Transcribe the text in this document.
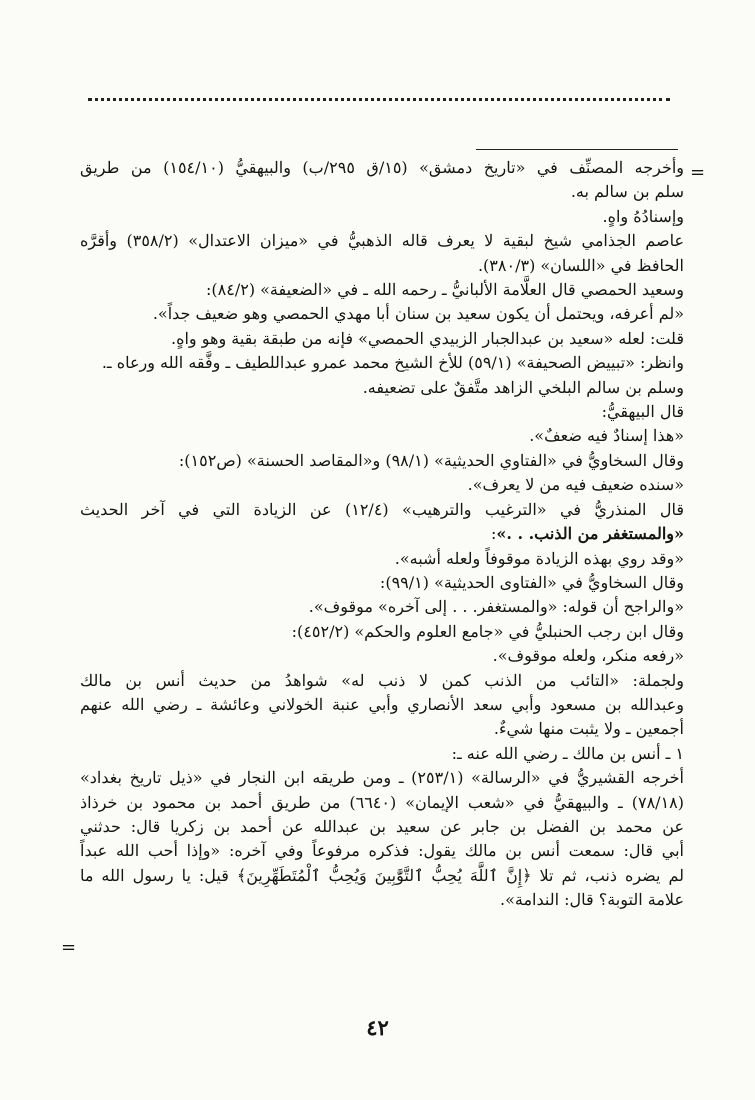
=
=

وأخرجه المصنِّف في «تاريخ دمشق» (١٥/ق ٢٩٥/ب) والبيهقيُّ (١٥٤/١٠) من طريق

سلم بن سالم به.

وإسنادُهُ واهٍ.

عاصم الجذامي شيخ لبقية لا يعرف قاله الذهبيُّ في «ميزان الاعتدال» (٣٥٨/٢) وأقرَّه

الحافظ في «اللسان» (٣٨٠/٣).

وسعيد الحمصي قال العلَّامة الألبانيُّ ـ رحمه الله ـ في «الضعيفة» (٨٤/٢):

«لم أعرفه، ويحتمل أن يكون سعيد بن سنان أبا مهدي الحمصي وهو ضعيف جداً».

قلت: لعله «سعيد بن عبدالجبار الزبيدي الحمصي» فإنه من طبقة بقية وهو واهٍ.

وانظر: «تبييض الصحيفة» (٥٩/١) للأخ الشيخ محمد عمرو عبداللطيف ـ وفَّقه الله ورعاه ـ.

وسلم بن سالم البلخي الزاهد متَّفقٌ على تضعيفه.

قال البيهقيُّ:

«هذا إسنادٌ فيه ضعفٌ».

وقال السخاويُّ في «الفتاوي الحديثية» (٩٨/١) و«المقاصد الحسنة» (ص١٥٢):

«سنده ضعيف فيه من لا يعرف».

قال المنذريُّ في «الترغيب والترهيب» (١٢/٤) عن الزيادة التي في آخر الحديث

«والمستغفر من الذنب. . .»:

«وقد روي بهذه الزيادة موقوفاً ولعله أشبه».

وقال السخاويُّ في «الفتاوى الحديثية» (٩٩/١):

«والراجح أن قوله: «والمستغفر. . . إلى آخره» موقوف».

وقال ابن رجب الحنبليُّ في «جامع العلوم والحكم» (٤٥٢/٢):

«رفعه منكر، ولعله موقوف».

ولجملة: «التائب من الذنب كمن لا ذنب له» شواهدُ من حديث أنس بن مالك

وعبدالله بن مسعود وأبي سعد الأنصاري وأبي عنبة الخولاني وعائشة ـ رضي الله عنهم

أجمعين ـ ولا يثبت منها شيءٌ.

١ ـ أنس بن مالك ـ رضي الله عنه ـ:

أخرجه القشيريُّ في «الرسالة» (٢٥٣/١) ـ ومن طريقه ابن النجار في «ذيل تاريخ بغداد»

(٧٨/١٨) ـ والبيهقيُّ في «شعب الإيمان» (٦٦٤٠) من طريق أحمد بن محمود بن خرذاذ

عن محمد بن الفضل بن جابر عن سعيد بن عبدالله عن أحمد بن زكريا قال: حدثني

أبي قال: سمعت أنس بن مالك يقول: فذكره مرفوعاً وفي آخره: «وإذا أحب الله عبداً

لم يضره ذنب، ثم تلا ﴿إِنَّ ٱللَّهَ يُحِبُّ ٱلتَّوَّٰبِينَ وَيُحِبُّ ٱلْمُتَطَهِّرِينَ﴾ قيل: يا رسول الله ما

علامة التوبة؟ قال: الندامة».

٤٢
